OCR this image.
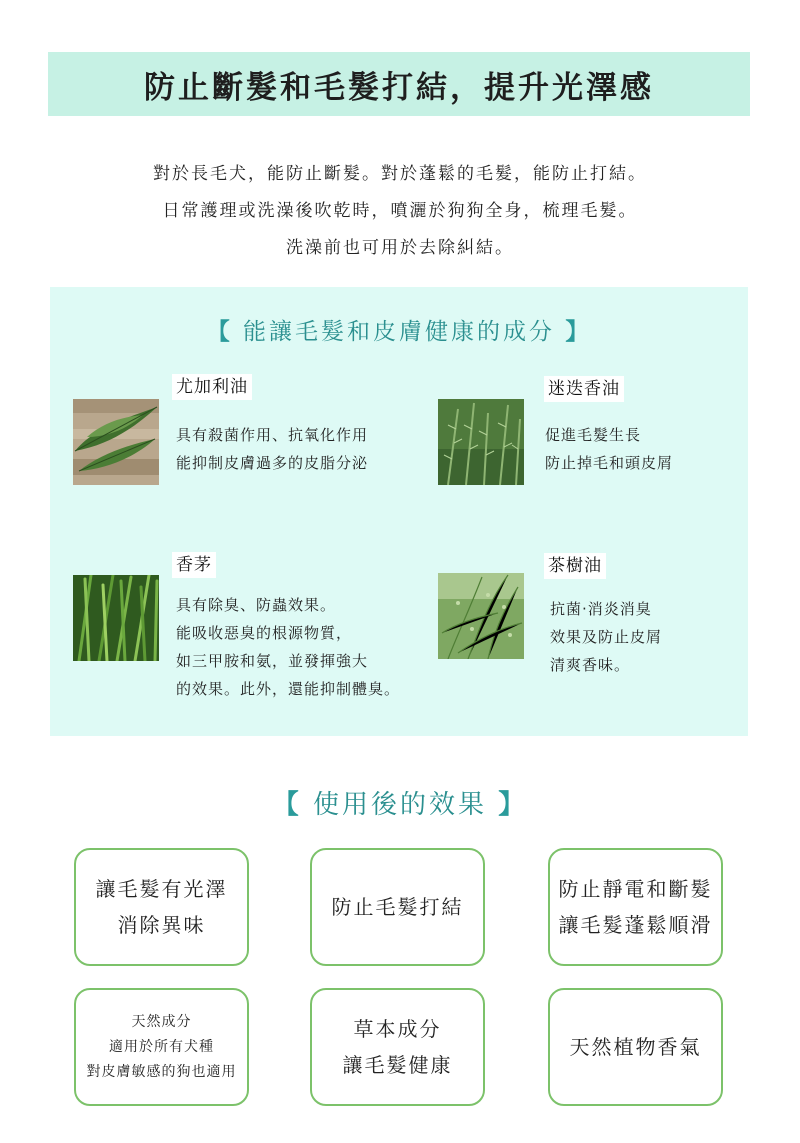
防止斷髮和毛髮打結，提升光澤感

對於長毛犬，能防止斷髮。對於蓬鬆的毛髮，能防止打結。

日常護理或洗澡後吹乾時，噴灑於狗狗全身，梳理毛髮。

洗澡前也可用於去除糾結。

【 能讓毛髮和皮膚健康的成分 】
尤加利油
具有殺菌作用、抗氧化作用
能抑制皮膚過多的皮脂分泌
迷迭香油
促進毛髮生長
防止掉毛和頭皮屑
香茅
具有除臭、防蟲效果。
能吸收惡臭的根源物質，
如三甲胺和氨，並發揮強大
的效果。此外，還能抑制體臭。
茶樹油
抗菌‧消炎消臭
效果及防止皮屑
清爽香味。
【 使用後的效果 】
讓毛髮有光澤
消除異味
防止毛髮打結
防止靜電和斷髮
讓毛髮蓬鬆順滑
天然成分
適用於所有犬種
對皮膚敏感的狗也適用
草本成分
讓毛髮健康
天然植物香氣
